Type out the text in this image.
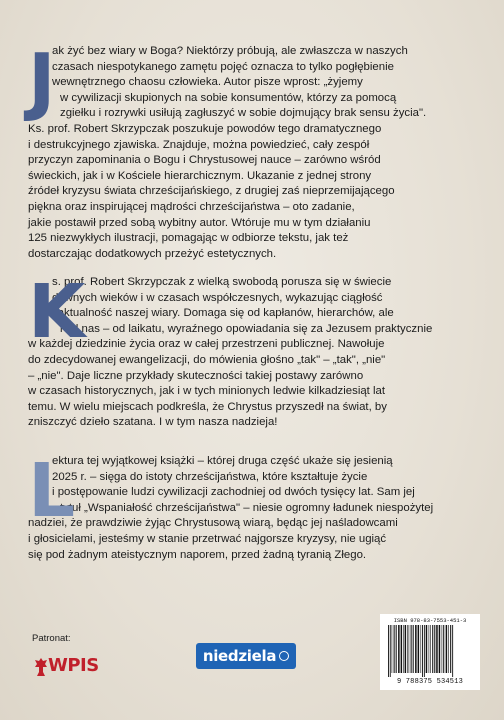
J
ak żyć bez wiary w Boga? Niektórzy próbują, ale zwłaszcza w naszych
czasach niespotykanego zamętu pojęć oznacza to tylko pogłębienie
wewnętrznego chaosu człowieka. Autor pisze wprost: „żyjemy
w cywilizacji skupionych na sobie konsumentów, którzy za pomocą
zgiełku i rozrywki usiłują zagłuszyć w sobie dojmujący brak sensu życia".
Ks. prof. Robert Skrzypczak poszukuje powodów tego dramatycznego
i destrukcyjnego zjawiska. Znajduje, można powiedzieć, cały zespół
przyczyn zapominania o Bogu i Chrystusowej nauce – zarówno wśród
świeckich, jak i w Kościele hierarchicznym. Ukazanie z jednej strony
źródeł kryzysu świata chrześcijańskiego, z drugiej zaś nieprzemijającego
piękna oraz inspirującej mądrości chrześcijaństwa – oto zadanie,
jakie postawił przed sobą wybitny autor. Wtóruje mu w tym działaniu
125 niezwykłych ilustracji, pomagając w odbiorze tekstu, jak też
dostarczając dodatkowych przeżyć estetycznych.
K
s. prof. Robert Skrzypczak z wielką swobodą porusza się w świecie
dawnych wieków i w czasach współczesnych, wykazując ciągłość
i aktualność naszej wiary. Domaga się od kapłanów, hierarchów, ale
i od nas – od laikatu, wyraźnego opowiadania się za Jezusem praktycznie
w każdej dziedzinie życia oraz w całej przestrzeni publicznej. Nawołuje
do zdecydowanej ewangelizacji, do mówienia głośno „tak" – „tak", „nie"
– „nie". Daje liczne przykłady skuteczności takiej postawy zarówno
w czasach historycznych, jak i w tych minionych ledwie kilkadziesiąt lat
temu. W wielu miejscach podkreśla, że Chrystus przyszedł na świat, by
zniszczyć dzieło szatana. I w tym nasza nadzieja!
L
ektura tej wyjątkowej książki – której druga część ukaże się jesienią
2025 r. – sięga do istoty chrześcijaństwa, które kształtuje życie
i postępowanie ludzi cywilizacji zachodniej od dwóch tysięcy lat. Sam jej
tytuł „Wspaniałość chrześcijaństwa" – niesie ogromny ładunek niespożytej
nadziei, że prawdziwie żyjąc Chrystusową wiarą, będąc jej naśladowcami
i głosicielami, jesteśmy w stanie przetrwać najgorsze kryzysy, nie ugiąć
się pod żadnym ateistycznym naporem, przed żadną tyranią Złego.
Patronat:
WPIS	niedziela
ISBN 978-83-7553-451-3
9 788375 534513
